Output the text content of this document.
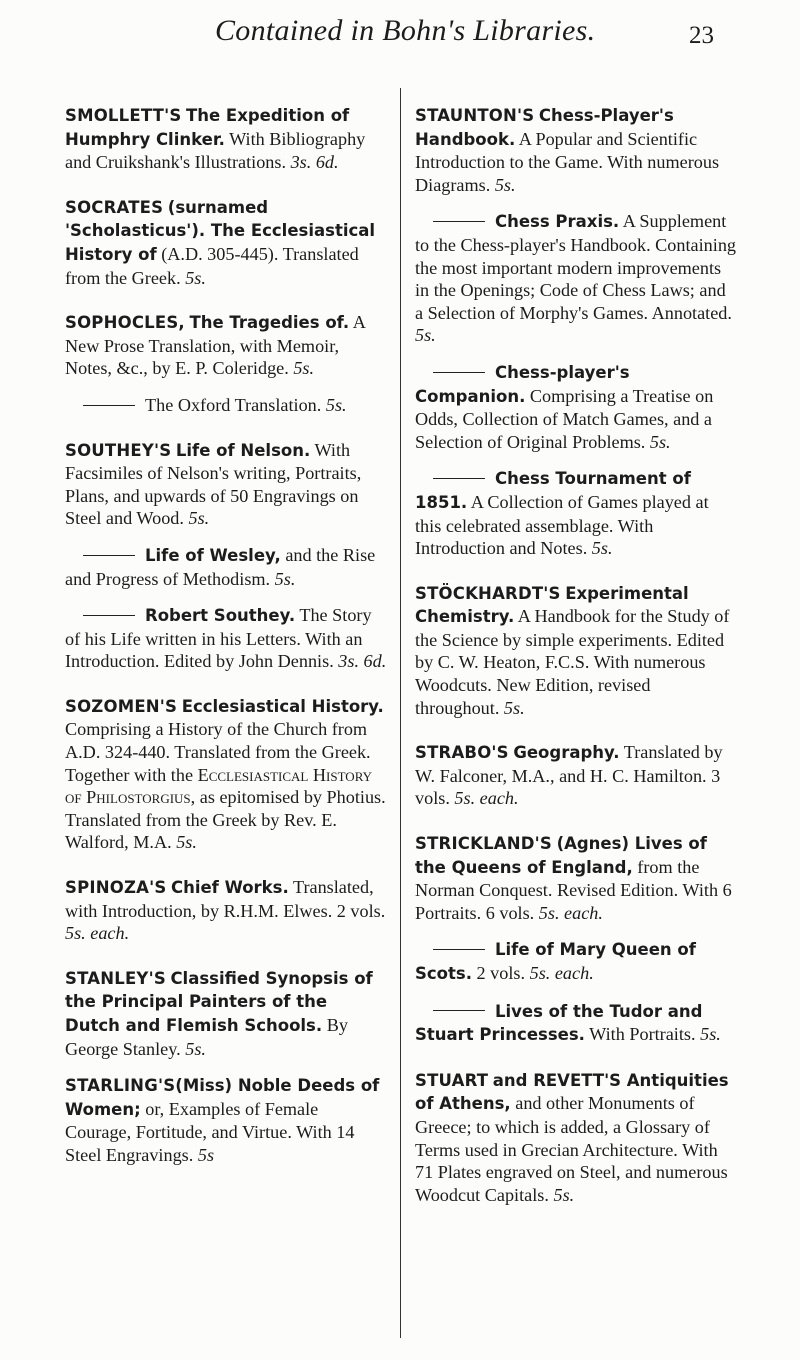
Contained in Bohn's Libraries.	23

SMOLLETT'S The Expedition of Humphry Clinker. With Bibliography and Cruikshank's Illustrations. 3s. 6d.

SOCRATES (surnamed 'Scholasticus'). The Ecclesiastical History of (A.D. 305-445). Translated from the Greek. 5s.

SOPHOCLES, The Tragedies of. A New Prose Translation, with Memoir, Notes, &c., by E. P. Coleridge. 5s.

The Oxford Translation. 5s.

SOUTHEY'S Life of Nelson. With Facsimiles of Nelson's writing, Portraits, Plans, and upwards of 50 Engravings on Steel and Wood. 5s.

Life of Wesley, and the Rise and Progress of Methodism. 5s.

Robert Southey. The Story of his Life written in his Letters. With an Introduction. Edited by John Dennis. 3s. 6d.

SOZOMEN'S Ecclesiastical History. Comprising a History of the Church from A.D. 324-440. Translated from the Greek. Together with the Ecclesiastical History of Philostorgius, as epitomised by Photius. Translated from the Greek by Rev. E. Walford, M.A. 5s.

SPINOZA'S Chief Works. Translated, with Introduction, by R.H.M. Elwes. 2 vols. 5s. each.

STANLEY'S Classified Synopsis of the Principal Painters of the Dutch and Flemish Schools. By George Stanley. 5s.

STARLING'S(Miss) Noble Deeds of Women; or, Examples of Female Courage, Fortitude, and Virtue. With 14 Steel Engravings. 5s

STAUNTON'S Chess-Player's Handbook. A Popular and Scientific Introduction to the Game. With numerous Diagrams. 5s.

Chess Praxis. A Supplement to the Chess-player's Handbook. Containing the most important modern improvements in the Openings; Code of Chess Laws; and a Selection of Morphy's Games. Annotated. 5s.

Chess-player's Companion. Comprising a Treatise on Odds, Collection of Match Games, and a Selection of Original Problems. 5s.

Chess Tournament of 1851. A Collection of Games played at this celebrated assemblage. With Introduction and Notes. 5s.

STÖCKHARDT'S Experimental Chemistry. A Handbook for the Study of the Science by simple experiments. Edited by C. W. Heaton, F.C.S. With numerous Woodcuts. New Edition, revised throughout. 5s.

STRABO'S Geography. Translated by W. Falconer, M.A., and H. C. Hamilton. 3 vols. 5s. each.

STRICKLAND'S (Agnes) Lives of the Queens of England, from the Norman Conquest. Revised Edition. With 6 Portraits. 6 vols. 5s. each.

Life of Mary Queen of Scots. 2 vols. 5s. each.

Lives of the Tudor and Stuart Princesses. With Portraits. 5s.

STUART and REVETT'S Antiquities of Athens, and other Monuments of Greece; to which is added, a Glossary of Terms used in Grecian Architecture. With 71 Plates engraved on Steel, and numerous Woodcut Capitals. 5s.
